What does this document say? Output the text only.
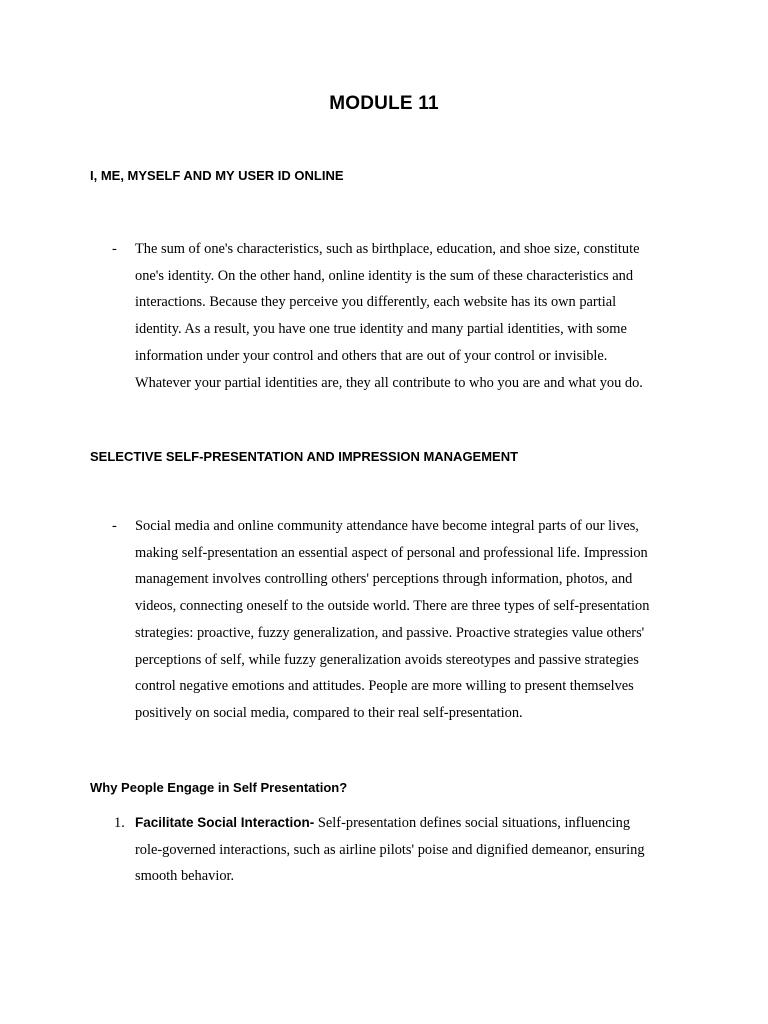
MODULE 11
I, ME, MYSELF AND MY USER ID ONLINE
- The sum of one's characteristics, such as birthplace, education, and shoe size, constitute
one's identity. On the other hand, online identity is the sum of these characteristics and
interactions. Because they perceive you differently, each website has its own partial
identity. As a result, you have one true identity and many partial identities, with some
information under your control and others that are out of your control or invisible.
Whatever your partial identities are, they all contribute to who you are and what you do.
SELECTIVE SELF-PRESENTATION AND IMPRESSION MANAGEMENT
- Social media and online community attendance have become integral parts of our lives,
making self-presentation an essential aspect of personal and professional life. Impression
management involves controlling others' perceptions through information, photos, and
videos, connecting oneself to the outside world. There are three types of self-presentation
strategies: proactive, fuzzy generalization, and passive. Proactive strategies value others'
perceptions of self, while fuzzy generalization avoids stereotypes and passive strategies
control negative emotions and attitudes. People are more willing to present themselves
positively on social media, compared to their real self-presentation.
Why People Engage in Self Presentation?
1. Facilitate Social Interaction- Self-presentation defines social situations, influencing
role-governed interactions, such as airline pilots' poise and dignified demeanor, ensuring
smooth behavior.
